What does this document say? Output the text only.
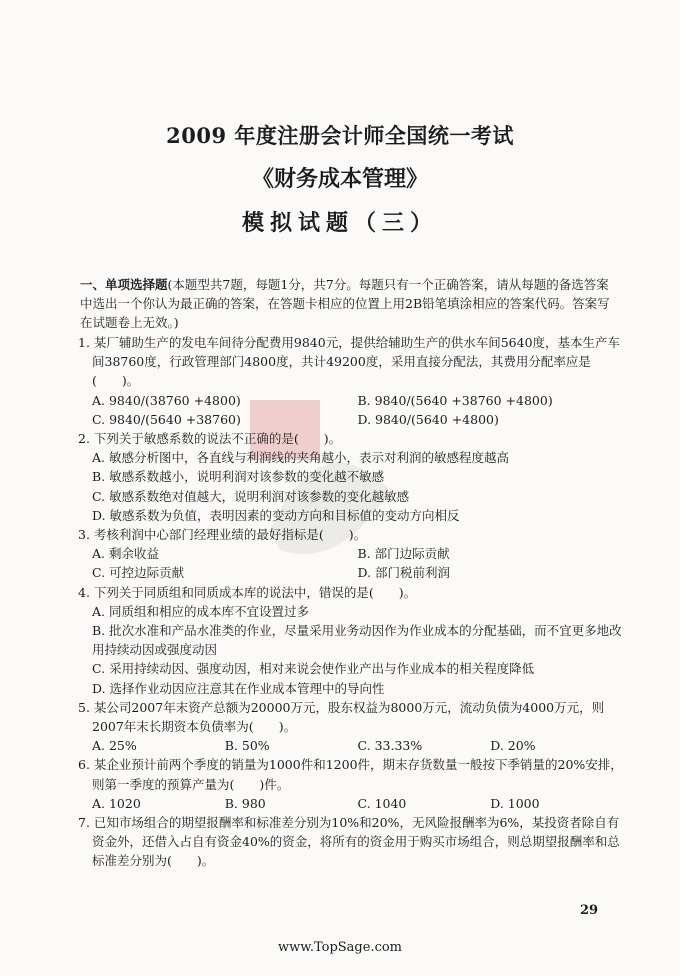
2009 年度注册会计师全国统一考试
《财务成本管理》
模拟试题（三）
一、单项选择题(本题型共7题，每题1分，共7分。每题只有一个正确答案，请从每题的备选答案中选出一个你认为最正确的答案，在答题卡相应的位置上用2B铅笔填涂相应的答案代码。答案写在试题卷上无效。)
1. 某厂辅助生产的发电车间待分配费用9840元，提供给辅助生产的供水车间5640度，基本生产车间38760度，行政管理部门4800度，共计49200度，采用直接分配法，其费用分配率应是(　　)。
A. 9840/(38760 +4800)	B. 9840/(5640 +38760 +4800)
C. 9840/(5640 +38760)	D. 9840/(5640 +4800)
2. 下列关于敏感系数的说法不正确的是(　　)。
A. 敏感分析图中，各直线与利润线的夹角越小，表示对利润的敏感程度越高
B. 敏感系数越小，说明利润对该参数的变化越不敏感
C. 敏感系数绝对值越大，说明利润对该参数的变化越敏感
D. 敏感系数为负值，表明因素的变动方向和目标值的变动方向相反
3. 考核利润中心部门经理业绩的最好指标是(　　)。
A. 剩余收益	B. 部门边际贡献
C. 可控边际贡献	D. 部门税前利润
4. 下列关于同质组和同质成本库的说法中，错误的是(　　)。
A. 同质组和相应的成本库不宜设置过多
B. 批次水准和产品水准类的作业，尽量采用业务动因作为作业成本的分配基础，而不宜更多地改用持续动因或强度动因
C. 采用持续动因、强度动因，相对来说会使作业产出与作业成本的相关程度降低
D. 选择作业动因应注意其在作业成本管理中的导向性
5. 某公司2007年末资产总额为20000万元，股东权益为8000万元，流动负债为4000万元，则2007年末长期资本负债率为(　　)。
A. 25%	B. 50%	C. 33.33%	D. 20%
6. 某企业预计前两个季度的销量为1000件和1200件，期末存货数量一般按下季销量的20%安排，则第一季度的预算产量为(　　)件。
A. 1020	B. 980	C. 1040	D. 1000
7. 已知市场组合的期望报酬率和标准差分别为10%和20%，无风险报酬率为6%，某投资者除自有资金外，还借入占自有资金40%的资金，将所有的资金用于购买市场组合，则总期望报酬率和总标准差分别为(　　)。
29
www.TopSage.com
